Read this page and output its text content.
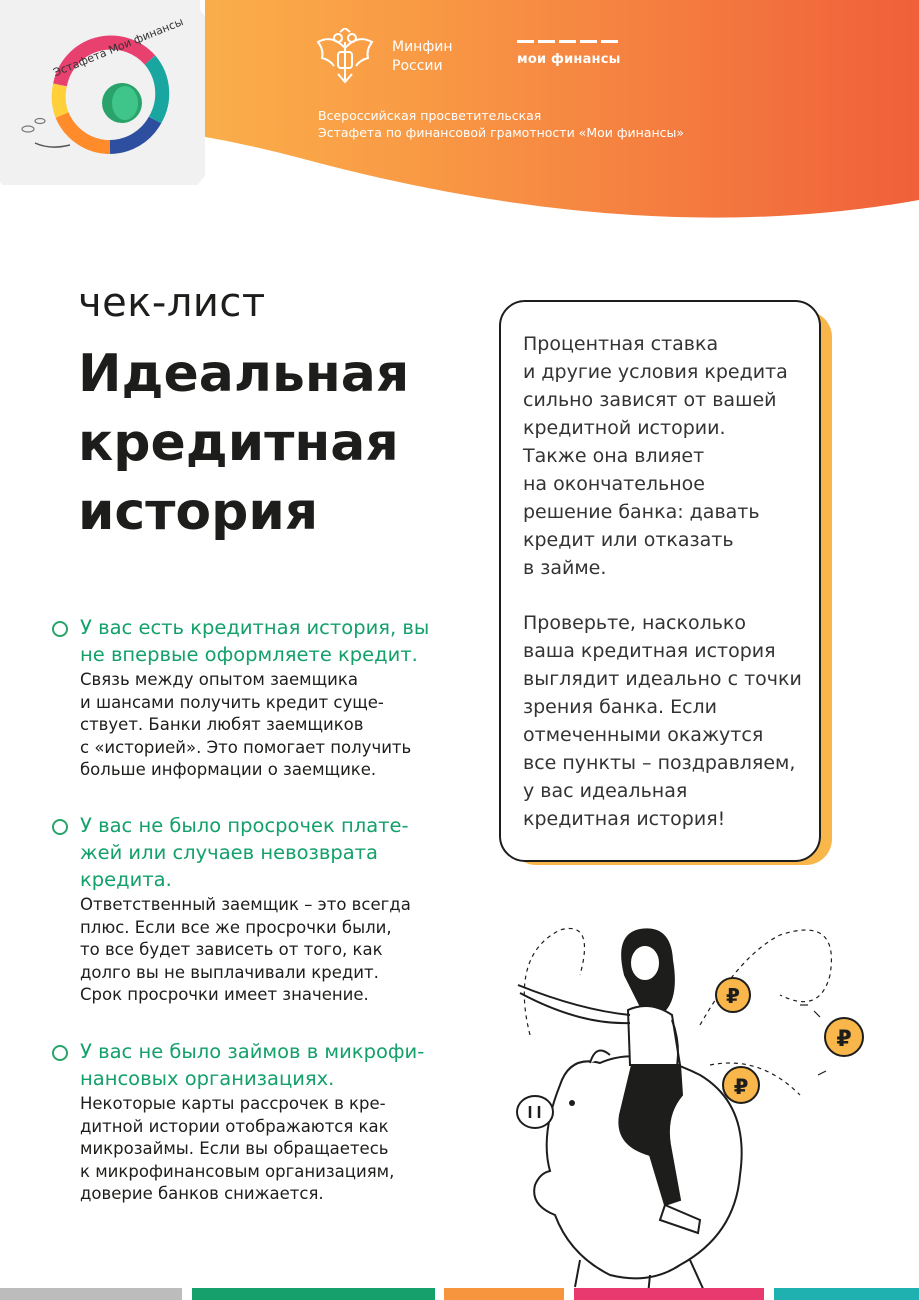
Эстафета Мои финансы	Минфин
России	мои финансы
Всероссийская просветительская
Эстафета по финансовой грамотности «Мои финансы»
чек-лист
Идеальная
кредитная
история

Процентная ставка
и другие условия кредита
сильно зависят от вашей
кредитной истории.
Также она влияет
на окончательное
решение банка: давать
кредит или отказать
в займе.

Проверьте, насколько
ваша кредитная история
выглядит идеально с точки
зрения банка. Если
отмеченными окажутся
все пункты – поздравляем,
у вас идеальная
кредитная история!

У вас есть кредитная история, вы
не впервые оформляете кредит.
Связь между опытом заемщика
и шансами получить кредит суще-
ствует. Банки любят заемщиков
с «историей». Это помогает получить
больше информации о заемщике.
У вас не было просрочек плате-
жей или случаев невозврата
кредита.
Ответственный заемщик – это всегда
плюс. Если все же просрочки были,
то все будет зависеть от того, как
долго вы не выплачивали кредит.
Срок просрочки имеет значение.
У вас не было займов в микрофи-
нансовых организациях.
Некоторые карты рассрочек в кре-
дитной истории отображаются как
микрозаймы. Если вы обращаетесь
к микрофинансовым организациям,
доверие банков снижается.
₽
₽
₽
